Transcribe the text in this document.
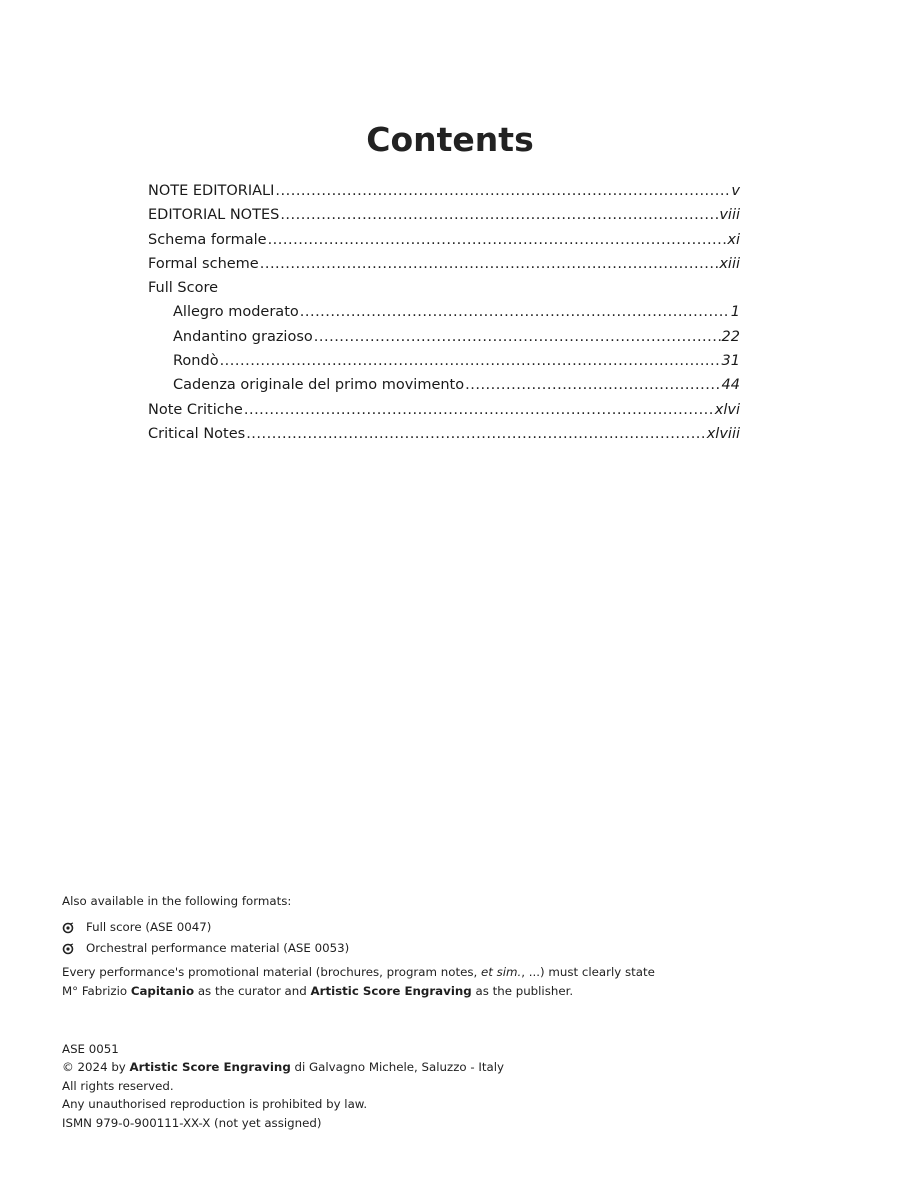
Contents
NOTE EDITORIALI .....	v
EDITORIAL NOTES .....	viii
Schema formale .....	xi
Formal scheme .....	xiii
Full Score
Allegro moderato .....	1
Andantino grazioso .....	22
Rondò .....	31
Cadenza originale del primo movimento .....	44
Note Critiche .....	xlvi
Critical Notes .....	xlviii
Also available in the following formats:
Full score (ASE 0047)
Orchestral performance material (ASE 0053)
Every performance's promotional material (brochures, program notes, et sim., ...) must clearly state
M° Fabrizio Capitanio as the curator and Artistic Score Engraving as the publisher.
ASE 0051
© 2024 by Artistic Score Engraving di Galvagno Michele, Saluzzo - Italy
All rights reserved.
Any unauthorised reproduction is prohibited by law.
ISMN 979-0-900111-XX-X (not yet assigned)
